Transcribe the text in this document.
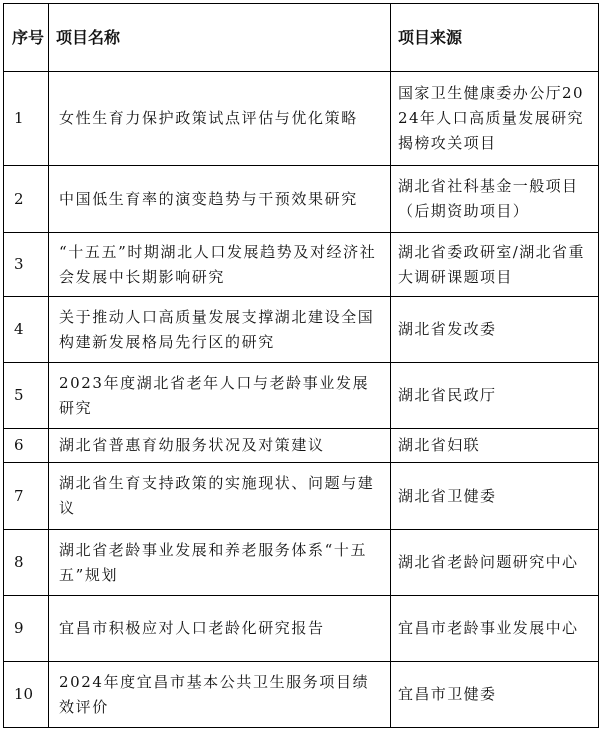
序号	项目名称	项目来源
1	女性生育力保护政策试点评估与优化策略	国家卫生健康委办公厅2024年人口高质量发展研究揭榜攻关项目
2	中国低生育率的演变趋势与干预效果研究	湖北省社科基金一般项目（后期资助项目）
3	“十五五”时期湖北人口发展趋势及对经济社会发展中长期影响研究	湖北省委政研室/湖北省重大调研课题项目
4	关于推动人口高质量发展支撑湖北建设全国构建新发展格局先行区的研究	湖北省发改委
5	2023年度湖北省老年人口与老龄事业发展研究	湖北省民政厅
6	湖北省普惠育幼服务状况及对策建议	湖北省妇联
7	湖北省生育支持政策的实施现状、问题与建议	湖北省卫健委
8	湖北省老龄事业发展和养老服务体系“十五五”规划	湖北省老龄问题研究中心
9	宜昌市积极应对人口老龄化研究报告	宜昌市老龄事业发展中心
10	2024年度宜昌市基本公共卫生服务项目绩效评价	宜昌市卫健委
